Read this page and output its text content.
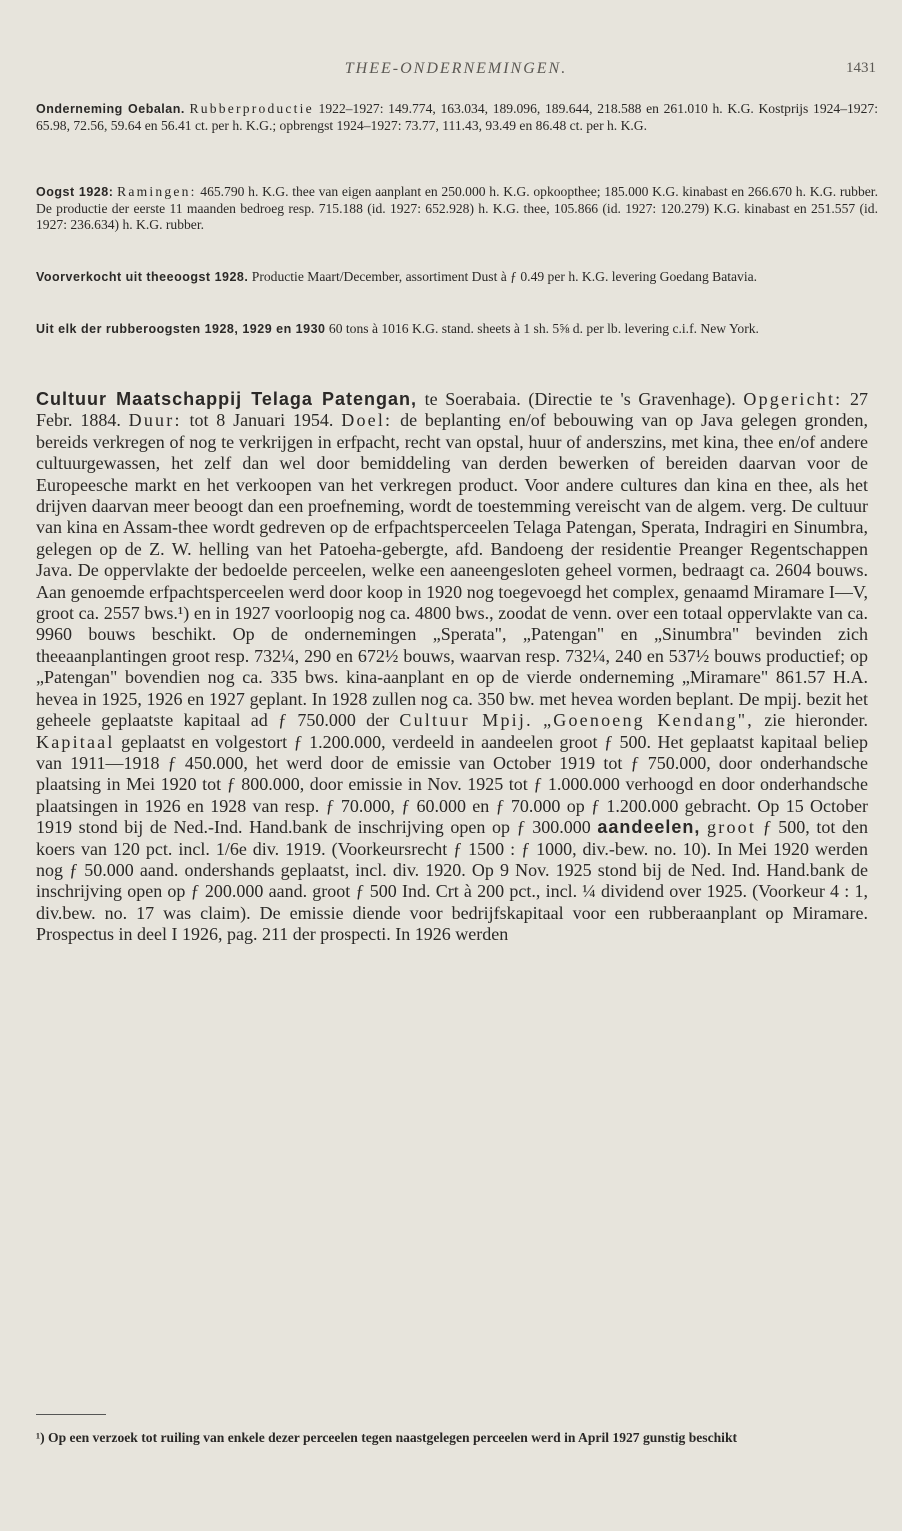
THEE-ONDERNEMINGEN.	1431
Onderneming Oebalan. Rubberproductie 1922–1927: 149.774, 163.034, 189.096, 189.644, 218.588 en 261.010 h. K.G. Kostprijs 1924–1927: 65.98, 72.56, 59.64 en 56.41 ct. per h. K.G.; opbrengst 1924–1927: 73.77, 111.43, 93.49 en 86.48 ct. per h. K.G.
Oogst 1928: Ramingen: 465.790 h. K.G. thee van eigen aanplant en 250.000 h. K.G. opkoopthee; 185.000 K.G. kinabast en 266.670 h. K.G. rubber. De productie der eerste 11 maanden bedroeg resp. 715.188 (id. 1927: 652.928) h. K.G. thee, 105.866 (id. 1927: 120.279) K.G. kinabast en 251.557 (id. 1927: 236.634) h. K.G. rubber.
Voorverkocht uit theeoogst 1928. Productie Maart/December, assortiment Dust à ƒ 0.49 per h. K.G. levering Goedang Batavia.
Uit elk der rubberoogsten 1928, 1929 en 1930 60 tons à 1016 K.G. stand. sheets à 1 sh. 5⅝ d. per lb. levering c.i.f. New York.

Cultuur Maatschappij Telaga Patengan, te Soerabaia. (Directie te 's Gravenhage). Opgericht: 27 Febr. 1884. Duur: tot 8 Januari 1954. Doel: de beplanting en/of bebouwing van op Java gelegen gronden, bereids verkregen of nog te verkrijgen in erfpacht, recht van opstal, huur of anderszins, met kina, thee en/of andere cultuurgewassen, het zelf dan wel door bemiddeling van derden bewerken of bereiden daarvan voor de Europeesche markt en het verkoopen van het verkregen product. Voor andere cultures dan kina en thee, als het drijven daarvan meer beoogt dan een proefneming, wordt de toestemming vereischt van de algem. verg. De cultuur van kina en Assam-thee wordt gedreven op de erfpachtsperceelen Telaga Patengan, Sperata, Indragiri en Sinumbra, gelegen op de Z. W. helling van het Patoeha-gebergte, afd. Bandoeng der residentie Preanger Regentschappen Java. De oppervlakte der bedoelde perceelen, welke een aaneengesloten geheel vormen, bedraagt ca. 2604 bouws. Aan genoemde erfpachtsperceelen werd door koop in 1920 nog toegevoegd het complex, genaamd Miramare I—V, groot ca. 2557 bws.¹) en in 1927 voorloopig nog ca. 4800 bws., zoodat de venn. over een totaal oppervlakte van ca. 9960 bouws beschikt. Op de ondernemingen „Sperata", „Patengan" en „Sinumbra" bevinden zich theeaanplantingen groot resp. 732¼, 290 en 672½ bouws, waarvan resp. 732¼, 240 en 537½ bouws productief; op „Patengan" bovendien nog ca. 335 bws. kina-aanplant en op de vierde onderneming „Miramare" 861.57 H.A. hevea in 1925, 1926 en 1927 geplant. In 1928 zullen nog ca. 350 bw. met hevea worden beplant. De mpij. bezit het geheele geplaatste kapitaal ad ƒ 750.000 der Cultuur Mpij. „Goenoeng Kendang", zie hieronder. Kapitaal geplaatst en volgestort ƒ 1.200.000, verdeeld in aandeelen groot ƒ 500. Het geplaatst kapitaal beliep van 1911—1918 ƒ 450.000, het werd door de emissie van October 1919 tot ƒ 750.000, door onderhandsche plaatsing in Mei 1920 tot ƒ 800.000, door emissie in Nov. 1925 tot ƒ 1.000.000 verhoogd en door onderhandsche plaatsingen in 1926 en 1928 van resp. ƒ 70.000, ƒ 60.000 en ƒ 70.000 op ƒ 1.200.000 gebracht. Op 15 October 1919 stond bij de Ned.-Ind. Hand.bank de inschrijving open op ƒ 300.000 aandeelen, groot ƒ 500, tot den koers van 120 pct. incl. 1/6e div. 1919. (Voorkeursrecht ƒ 1500 : ƒ 1000, div.-bew. no. 10). In Mei 1920 werden nog ƒ 50.000 aand. ondershands geplaatst, incl. div. 1920. Op 9 Nov. 1925 stond bij de Ned. Ind. Hand.bank de inschrijving open op ƒ 200.000 aand. groot ƒ 500 Ind. Crt à 200 pct., incl. ¼ dividend over 1925. (Voorkeur 4 : 1, div.bew. no. 17 was claim). De emissie diende voor bedrijfskapitaal voor een rubberaanplant op Miramare. Prospectus in deel I 1926, pag. 211 der prospecti. In 1926 werden

¹) Op een verzoek tot ruiling van enkele dezer perceelen tegen naastgelegen perceelen werd in April 1927 gunstig beschikt
